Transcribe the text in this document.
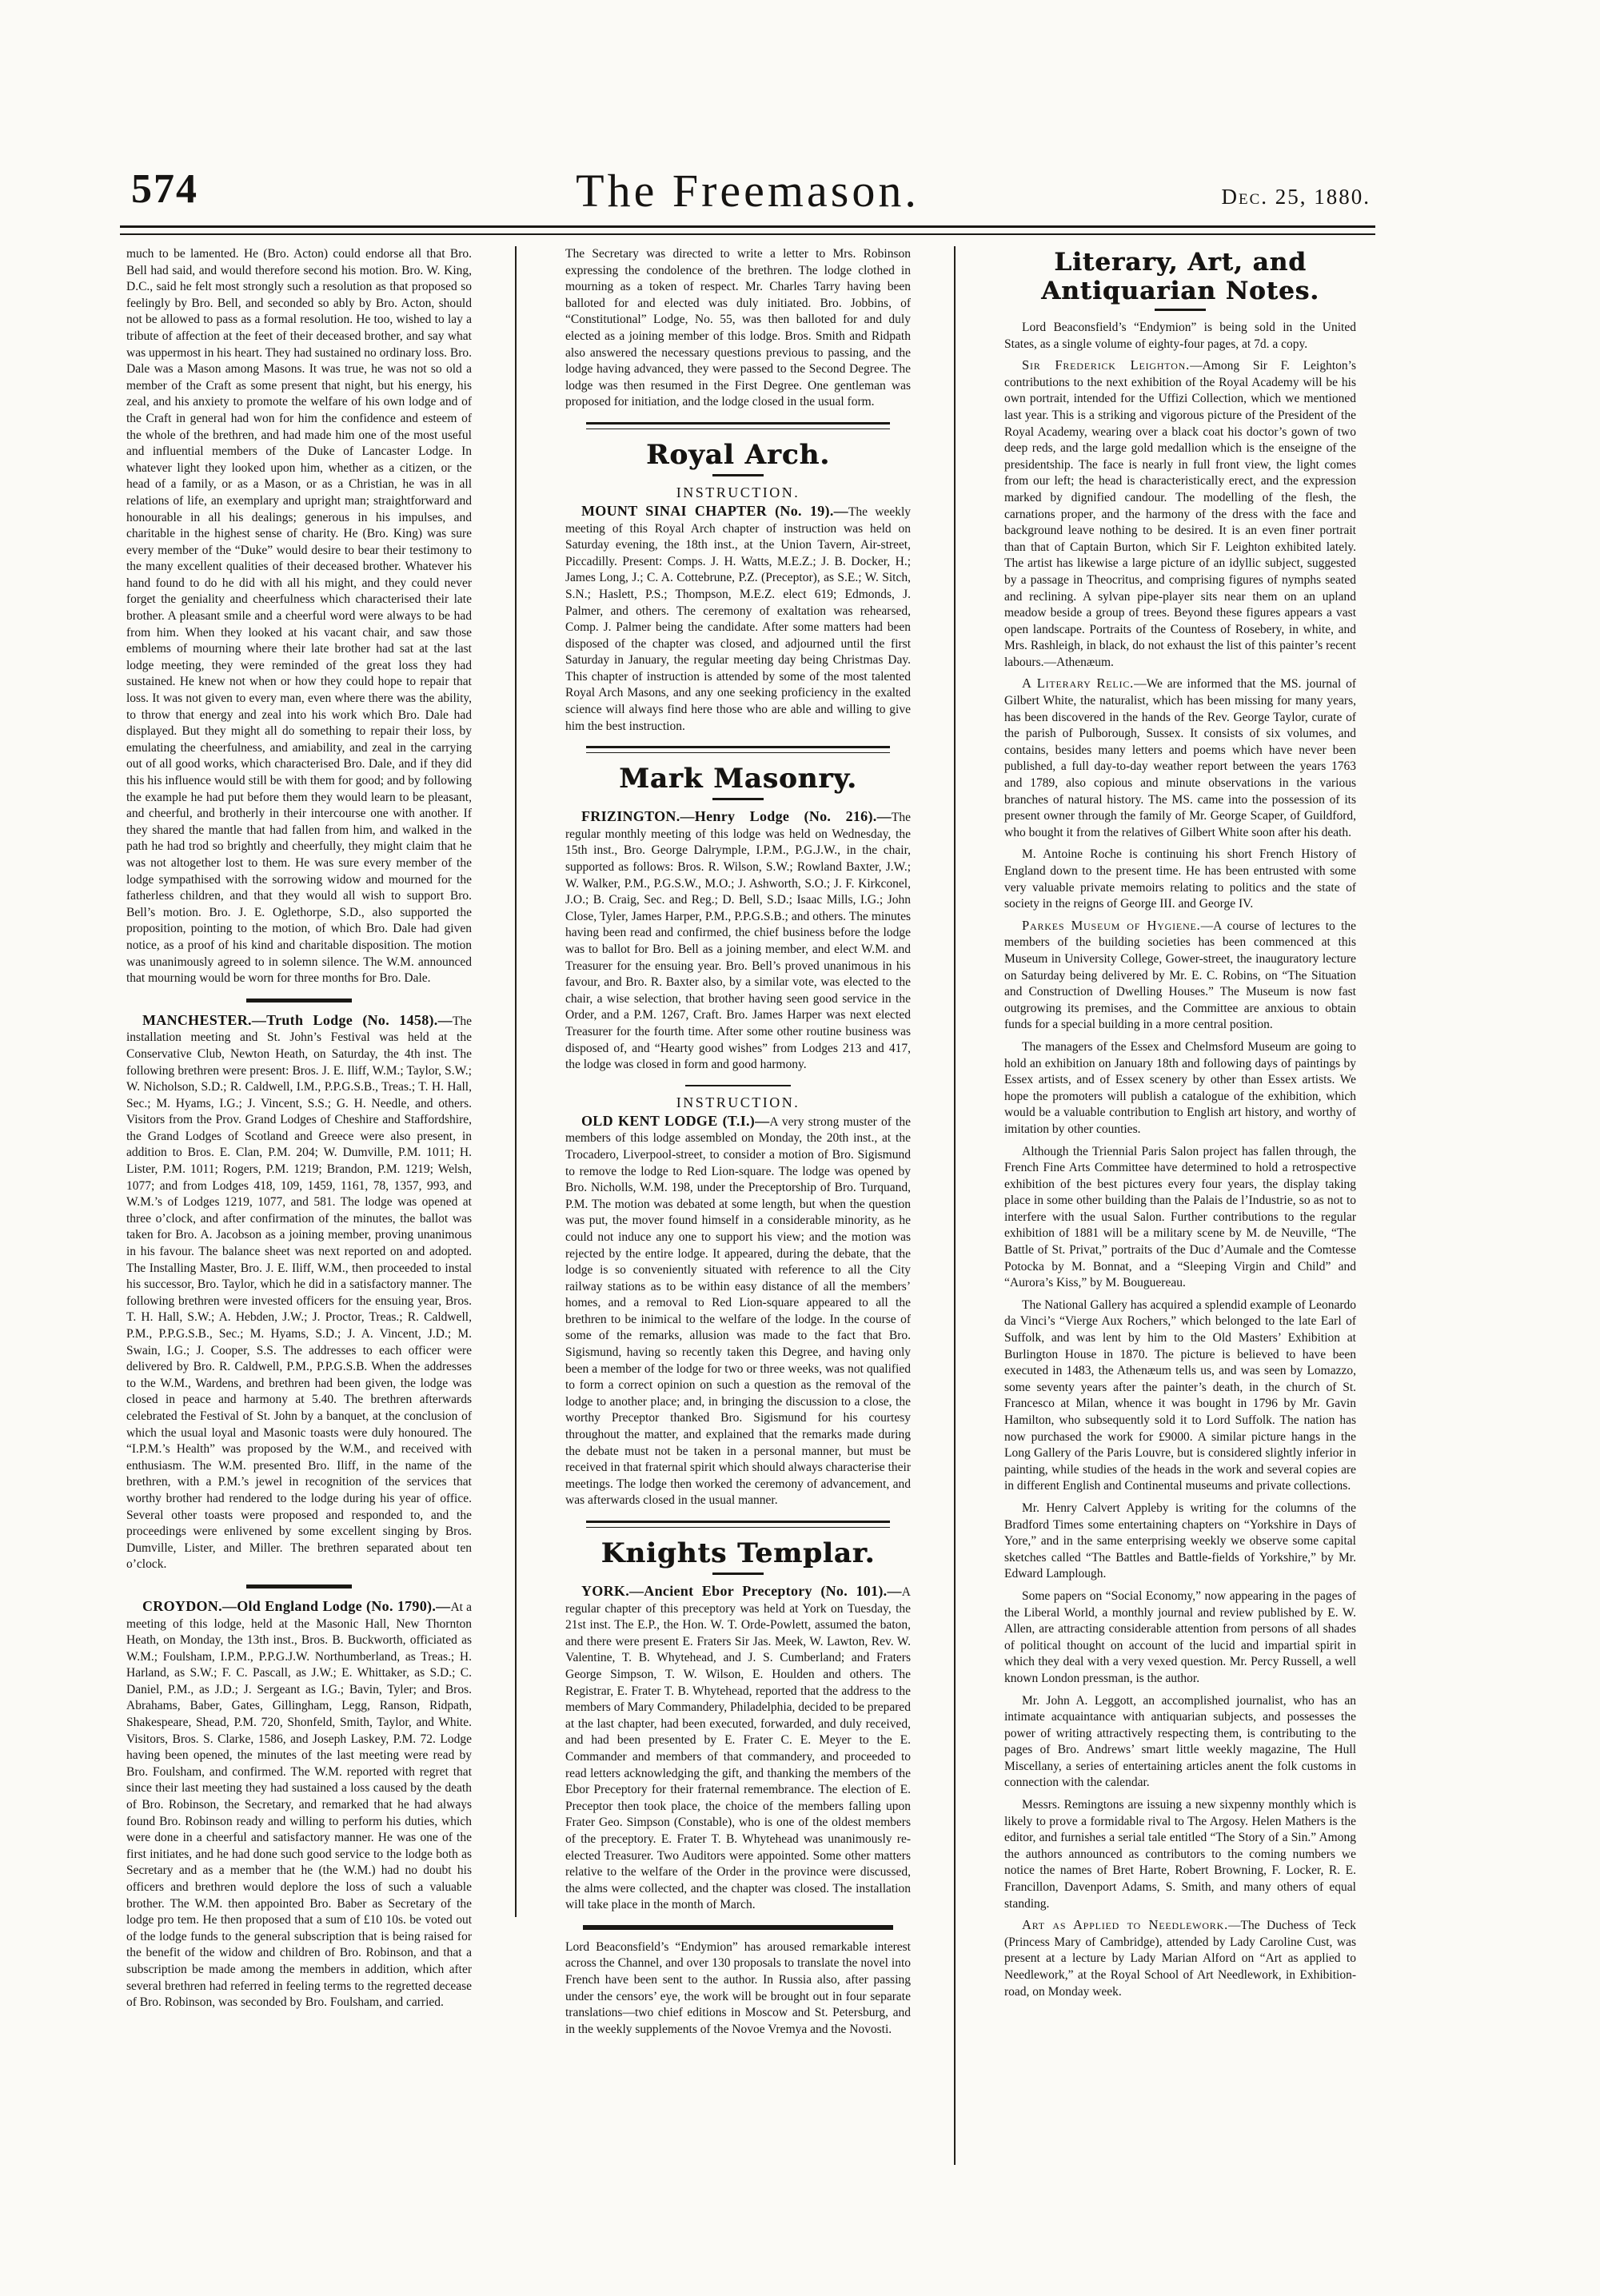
574	The Freemason.	Dec. 25, 1880.

much to be lamented. He (Bro. Acton) could endorse all that Bro. Bell had said, and would therefore second his motion. Bro. W. King, D.C., said he felt most strongly such a resolution as that proposed so feelingly by Bro. Bell, and seconded so ably by Bro. Acton, should not be allowed to pass as a formal resolution. He too, wished to lay a tribute of affection at the feet of their deceased brother, and say what was uppermost in his heart. They had sustained no ordinary loss. Bro. Dale was a Mason among Masons. It was true, he was not so old a member of the Craft as some present that night, but his energy, his zeal, and his anxiety to promote the welfare of his own lodge and of the Craft in general had won for him the confidence and esteem of the whole of the brethren, and had made him one of the most useful and influential members of the Duke of Lancaster Lodge. In whatever light they looked upon him, whether as a citizen, or the head of a family, or as a Mason, or as a Christian, he was in all relations of life, an exemplary and upright man; straightforward and honourable in all his dealings; generous in his impulses, and charitable in the highest sense of charity. He (Bro. King) was sure every member of the “Duke” would desire to bear their testimony to the many excellent qualities of their deceased brother. Whatever his hand found to do he did with all his might, and they could never forget the geniality and cheerfulness which characterised their late brother. A pleasant smile and a cheerful word were always to be had from him. When they looked at his vacant chair, and saw those emblems of mourning where their late brother had sat at the last lodge meeting, they were reminded of the great loss they had sustained. He knew not when or how they could hope to repair that loss. It was not given to every man, even where there was the ability, to throw that energy and zeal into his work which Bro. Dale had displayed. But they might all do something to repair their loss, by emulating the cheerfulness, and amiability, and zeal in the carrying out of all good works, which characterised Bro. Dale, and if they did this his influence would still be with them for good; and by following the example he had put before them they would learn to be pleasant, and cheerful, and brotherly in their intercourse one with another. If they shared the mantle that had fallen from him, and walked in the path he had trod so brightly and cheerfully, they might claim that he was not altogether lost to them. He was sure every member of the lodge sympathised with the sorrowing widow and mourned for the fatherless children, and that they would all wish to support Bro. Bell’s motion. Bro. J. E. Oglethorpe, S.D., also supported the proposition, pointing to the motion, of which Bro. Dale had given notice, as a proof of his kind and charitable disposition. The motion was unanimously agreed to in solemn silence. The W.M. announced that mourning would be worn for three months for Bro. Dale.

MANCHESTER.—Truth Lodge (No. 1458).—The installation meeting and St. John’s Festival was held at the Conservative Club, Newton Heath, on Saturday, the 4th inst. The following brethren were present: Bros. J. E. Iliff, W.M.; Taylor, S.W.; W. Nicholson, S.D.; R. Caldwell, I.M., P.P.G.S.B., Treas.; T. H. Hall, Sec.; M. Hyams, I.G.; J. Vincent, S.S.; G. H. Needle, and others. Visitors from the Prov. Grand Lodges of Cheshire and Staffordshire, the Grand Lodges of Scotland and Greece were also present, in addition to Bros. E. Clan, P.M. 204; W. Dumville, P.M. 1011; H. Lister, P.M. 1011; Rogers, P.M. 1219; Brandon, P.M. 1219; Welsh, 1077; and from Lodges 418, 109, 1459, 1161, 78, 1357, 993, and W.M.’s of Lodges 1219, 1077, and 581. The lodge was opened at three o’clock, and after confirmation of the minutes, the ballot was taken for Bro. A. Jacobson as a joining member, proving unanimous in his favour. The balance sheet was next reported on and adopted. The Installing Master, Bro. J. E. Iliff, W.M., then proceeded to instal his successor, Bro. Taylor, which he did in a satisfactory manner. The following brethren were invested officers for the ensuing year, Bros. T. H. Hall, S.W.; A. Hebden, J.W.; J. Proctor, Treas.; R. Caldwell, P.M., P.P.G.S.B., Sec.; M. Hyams, S.D.; J. A. Vincent, J.D.; M. Swain, I.G.; J. Cooper, S.S. The addresses to each officer were delivered by Bro. R. Caldwell, P.M., P.P.G.S.B. When the addresses to the W.M., Wardens, and brethren had been given, the lodge was closed in peace and harmony at 5.40. The brethren afterwards celebrated the Festival of St. John by a banquet, at the conclusion of which the usual loyal and Masonic toasts were duly honoured. The “I.P.M.’s Health” was proposed by the W.M., and received with enthusiasm. The W.M. presented Bro. Iliff, in the name of the brethren, with a P.M.’s jewel in recognition of the services that worthy brother had rendered to the lodge during his year of office. Several other toasts were proposed and responded to, and the proceedings were enlivened by some excellent singing by Bros. Dumville, Lister, and Miller. The brethren separated about ten o’clock.

CROYDON.—Old England Lodge (No. 1790).—At a meeting of this lodge, held at the Masonic Hall, New Thornton Heath, on Monday, the 13th inst., Bros. B. Buckworth, officiated as W.M.; Foulsham, I.P.M., P.P.G.J.W. Northumberland, as Treas.; H. Harland, as S.W.; F. C. Pascall, as J.W.; E. Whittaker, as S.D.; C. Daniel, P.M., as J.D.; J. Sergeant as I.G.; Bavin, Tyler; and Bros. Abrahams, Baber, Gates, Gillingham, Legg, Ranson, Ridpath, Shakespeare, Shead, P.M. 720, Shonfeld, Smith, Taylor, and White. Visitors, Bros. S. Clarke, 1586, and Joseph Laskey, P.M. 72. Lodge having been opened, the minutes of the last meeting were read by Bro. Foulsham, and confirmed. The W.M. reported with regret that since their last meeting they had sustained a loss caused by the death of Bro. Robinson, the Secretary, and remarked that he had always found Bro. Robinson ready and willing to perform his duties, which were done in a cheerful and satisfactory manner. He was one of the first initiates, and he had done such good service to the lodge both as Secretary and as a member that he (the W.M.) had no doubt his officers and brethren would deplore the loss of such a valuable brother. The W.M. then appointed Bro. Baber as Secretary of the lodge pro tem. He then proposed that a sum of £10 10s. be voted out of the lodge funds to the general subscription that is being raised for the benefit of the widow and children of Bro. Robinson, and that a subscription be made among the members in addition, which after several brethren had referred in feeling terms to the regretted decease of Bro. Robinson, was seconded by Bro. Foulsham, and carried.

The Secretary was directed to write a letter to Mrs. Robinson expressing the condolence of the brethren. The lodge clothed in mourning as a token of respect. Mr. Charles Tarry having been balloted for and elected was duly initiated. Bro. Jobbins, of “Constitutional” Lodge, No. 55, was then balloted for and duly elected as a joining member of this lodge. Bros. Smith and Ridpath also answered the necessary questions previous to passing, and the lodge having advanced, they were passed to the Second Degree. The lodge was then resumed in the First Degree. One gentleman was proposed for initiation, and the lodge closed in the usual form.

Royal Arch.
INSTRUCTION.

MOUNT SINAI CHAPTER (No. 19).—The weekly meeting of this Royal Arch chapter of instruction was held on Saturday evening, the 18th inst., at the Union Tavern, Air-street, Piccadilly. Present: Comps. J. H. Watts, M.E.Z.; J. B. Docker, H.; James Long, J.; C. A. Cottebrune, P.Z. (Preceptor), as S.E.; W. Sitch, S.N.; Haslett, P.S.; Thompson, M.E.Z. elect 619; Edmonds, J. Palmer, and others. The ceremony of exaltation was rehearsed, Comp. J. Palmer being the candidate. After some matters had been disposed of the chapter was closed, and adjourned until the first Saturday in January, the regular meeting day being Christmas Day. This chapter of instruction is attended by some of the most talented Royal Arch Masons, and any one seeking proficiency in the exalted science will always find here those who are able and willing to give him the best instruction.

Mark Masonry.

FRIZINGTON.—Henry Lodge (No. 216).—The regular monthly meeting of this lodge was held on Wednesday, the 15th inst., Bro. George Dalrymple, I.P.M., P.G.J.W., in the chair, supported as follows: Bros. R. Wilson, S.W.; Rowland Baxter, J.W.; W. Walker, P.M., P.G.S.W., M.O.; J. Ashworth, S.O.; J. F. Kirkconel, J.O.; B. Craig, Sec. and Reg.; D. Bell, S.D.; Isaac Mills, I.G.; John Close, Tyler, James Harper, P.M., P.P.G.S.B.; and others. The minutes having been read and confirmed, the chief business before the lodge was to ballot for Bro. Bell as a joining member, and elect W.M. and Treasurer for the ensuing year. Bro. Bell’s proved unanimous in his favour, and Bro. R. Baxter also, by a similar vote, was elected to the chair, a wise selection, that brother having seen good service in the Order, and a P.M. 1267, Craft. Bro. James Harper was next elected Treasurer for the fourth time. After some other routine business was disposed of, and “Hearty good wishes” from Lodges 213 and 417, the lodge was closed in form and good harmony.

INSTRUCTION.

OLD KENT LODGE (T.I.)—A very strong muster of the members of this lodge assembled on Monday, the 20th inst., at the Trocadero, Liverpool-street, to consider a motion of Bro. Sigismund to remove the lodge to Red Lion-square. The lodge was opened by Bro. Nicholls, W.M. 198, under the Preceptorship of Bro. Turquand, P.M. The motion was debated at some length, but when the question was put, the mover found himself in a considerable minority, as he could not induce any one to support his view; and the motion was rejected by the entire lodge. It appeared, during the debate, that the lodge is so conveniently situated with reference to all the City railway stations as to be within easy distance of all the members’ homes, and a removal to Red Lion-square appeared to all the brethren to be inimical to the welfare of the lodge. In the course of some of the remarks, allusion was made to the fact that Bro. Sigismund, having so recently taken this Degree, and having only been a member of the lodge for two or three weeks, was not qualified to form a correct opinion on such a question as the removal of the lodge to another place; and, in bringing the discussion to a close, the worthy Preceptor thanked Bro. Sigismund for his courtesy throughout the matter, and explained that the remarks made during the debate must not be taken in a personal manner, but must be received in that fraternal spirit which should always characterise their meetings. The lodge then worked the ceremony of advancement, and was afterwards closed in the usual manner.

Knights Templar.

YORK.—Ancient Ebor Preceptory (No. 101).—A regular chapter of this preceptory was held at York on Tuesday, the 21st inst. The E.P., the Hon. W. T. Orde-Powlett, assumed the baton, and there were present E. Fraters Sir Jas. Meek, W. Lawton, Rev. W. Valentine, T. B. Whytehead, and J. S. Cumberland; and Fraters George Simpson, T. W. Wilson, E. Houlden and others. The Registrar, E. Frater T. B. Whytehead, reported that the address to the members of Mary Commandery, Philadelphia, decided to be prepared at the last chapter, had been executed, forwarded, and duly received, and had been presented by E. Frater C. E. Meyer to the E. Commander and members of that commandery, and proceeded to read letters acknowledging the gift, and thanking the members of the Ebor Preceptory for their fraternal remembrance. The election of E. Preceptor then took place, the choice of the members falling upon Frater Geo. Simpson (Constable), who is one of the oldest members of the preceptory. E. Frater T. B. Whytehead was unanimously re-elected Treasurer. Two Auditors were appointed. Some other matters relative to the welfare of the Order in the province were discussed, the alms were collected, and the chapter was closed. The installation will take place in the month of March.

Lord Beaconsfield’s “Endymion” has aroused remarkable interest across the Channel, and over 130 proposals to translate the novel into French have been sent to the author. In Russia also, after passing under the censors’ eye, the work will be brought out in four separate translations—two chief editions in Moscow and St. Petersburg, and in the weekly supplements of the Novoe Vremya and the Novosti.

Literary, Art, and Antiquarian Notes.

Lord Beaconsfield’s “Endymion” is being sold in the United States, as a single volume of eighty-four pages, at 7d. a copy.

Sir Frederick Leighton.—Among Sir F. Leighton’s contributions to the next exhibition of the Royal Academy will be his own portrait, intended for the Uffizi Collection, which we mentioned last year. This is a striking and vigorous picture of the President of the Royal Academy, wearing over a black coat his doctor’s gown of two deep reds, and the large gold medallion which is the enseigne of the presidentship. The face is nearly in full front view, the light comes from our left; the head is characteristically erect, and the expression marked by dignified candour. The modelling of the flesh, the carnations proper, and the harmony of the dress with the face and background leave nothing to be desired. It is an even finer portrait than that of Captain Burton, which Sir F. Leighton exhibited lately. The artist has likewise a large picture of an idyllic subject, suggested by a passage in Theocritus, and comprising figures of nymphs seated and reclining. A sylvan pipe-player sits near them on an upland meadow beside a group of trees. Beyond these figures appears a vast open landscape. Portraits of the Countess of Rosebery, in white, and Mrs. Rashleigh, in black, do not exhaust the list of this painter’s recent labours.—Athenæum.

A Literary Relic.—We are informed that the MS. journal of Gilbert White, the naturalist, which has been missing for many years, has been discovered in the hands of the Rev. George Taylor, curate of the parish of Pulborough, Sussex. It consists of six volumes, and contains, besides many letters and poems which have never been published, a full day-to-day weather report between the years 1763 and 1789, also copious and minute observations in the various branches of natural history. The MS. came into the possession of its present owner through the family of Mr. George Scaper, of Guildford, who bought it from the relatives of Gilbert White soon after his death.

M. Antoine Roche is continuing his short French History of England down to the present time. He has been entrusted with some very valuable private memoirs relating to politics and the state of society in the reigns of George III. and George IV.

Parkes Museum of Hygiene.—A course of lectures to the members of the building societies has been commenced at this Museum in University College, Gower-street, the inauguratory lecture on Saturday being delivered by Mr. E. C. Robins, on “The Situation and Construction of Dwelling Houses.” The Museum is now fast outgrowing its premises, and the Committee are anxious to obtain funds for a special building in a more central position.

The managers of the Essex and Chelmsford Museum are going to hold an exhibition on January 18th and following days of paintings by Essex artists, and of Essex scenery by other than Essex artists. We hope the promoters will publish a catalogue of the exhibition, which would be a valuable contribution to English art history, and worthy of imitation by other counties.

Although the Triennial Paris Salon project has fallen through, the French Fine Arts Committee have determined to hold a retrospective exhibition of the best pictures every four years, the display taking place in some other building than the Palais de l’Industrie, so as not to interfere with the usual Salon. Further contributions to the regular exhibition of 1881 will be a military scene by M. de Neuville, “The Battle of St. Privat,” portraits of the Duc d’Aumale and the Comtesse Potocka by M. Bonnat, and a “Sleeping Virgin and Child” and “Aurora’s Kiss,” by M. Bouguereau.

The National Gallery has acquired a splendid example of Leonardo da Vinci’s “Vierge Aux Rochers,” which belonged to the late Earl of Suffolk, and was lent by him to the Old Masters’ Exhibition at Burlington House in 1870. The picture is believed to have been executed in 1483, the Athenæum tells us, and was seen by Lomazzo, some seventy years after the painter’s death, in the church of St. Francesco at Milan, whence it was bought in 1796 by Mr. Gavin Hamilton, who subsequently sold it to Lord Suffolk. The nation has now purchased the work for £9000. A similar picture hangs in the Long Gallery of the Paris Louvre, but is considered slightly inferior in painting, while studies of the heads in the work and several copies are in different English and Continental museums and private collections.

Mr. Henry Calvert Appleby is writing for the columns of the Bradford Times some entertaining chapters on “Yorkshire in Days of Yore,” and in the same enterprising weekly we observe some capital sketches called “The Battles and Battle-fields of Yorkshire,” by Mr. Edward Lamplough.

Some papers on “Social Economy,” now appearing in the pages of the Liberal World, a monthly journal and review published by E. W. Allen, are attracting considerable attention from persons of all shades of political thought on account of the lucid and impartial spirit in which they deal with a very vexed question. Mr. Percy Russell, a well known London pressman, is the author.

Mr. John A. Leggott, an accomplished journalist, who has an intimate acquaintance with antiquarian subjects, and possesses the power of writing attractively respecting them, is contributing to the pages of Bro. Andrews’ smart little weekly magazine, The Hull Miscellany, a series of entertaining articles anent the folk customs in connection with the calendar.

Messrs. Remingtons are issuing a new sixpenny monthly which is likely to prove a formidable rival to The Argosy. Helen Mathers is the editor, and furnishes a serial tale entitled “The Story of a Sin.” Among the authors announced as contributors to the coming numbers we notice the names of Bret Harte, Robert Browning, F. Locker, R. E. Francillon, Davenport Adams, S. Smith, and many others of equal standing.

Art as Applied to Needlework.—The Duchess of Teck (Princess Mary of Cambridge), attended by Lady Caroline Cust, was present at a lecture by Lady Marian Alford on “Art as applied to Needlework,” at the Royal School of Art Needlework, in Exhibition-road, on Monday week.
